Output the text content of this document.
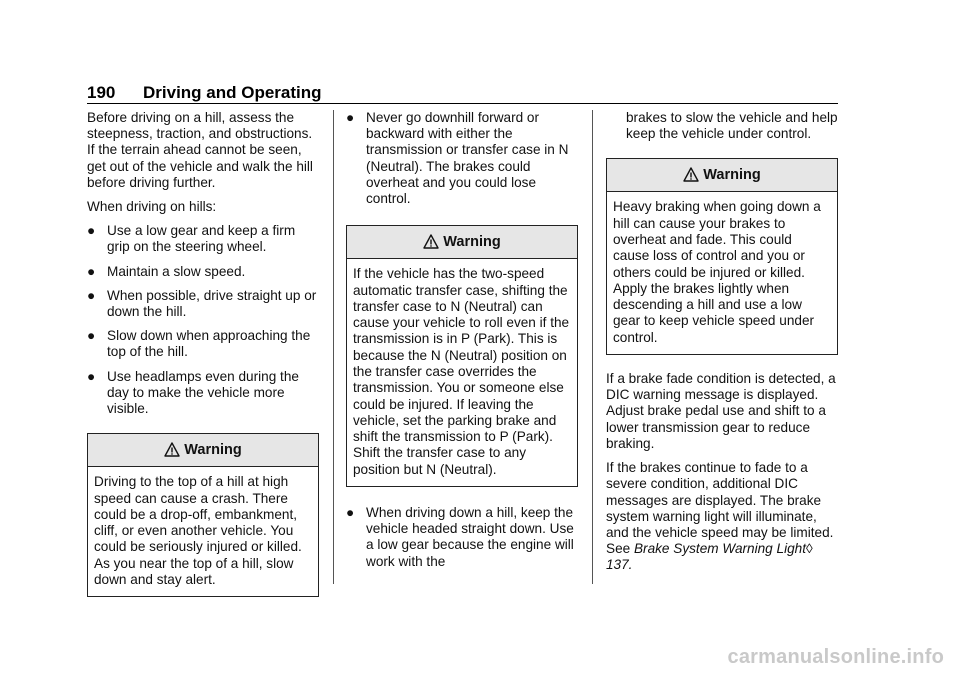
190 Driving and Operating

Before driving on a hill, assess the steepness, traction, and obstructions. If the terrain ahead cannot be seen, get out of the vehicle and walk the hill before driving further.

When driving on hills:

● Use a low gear and keep a firm grip on the steering wheel.
● Maintain a slow speed.
● When possible, drive straight up or down the hill.
● Slow down when approaching the top of the hill.
● Use headlamps even during the day to make the vehicle more visible.
Warning
Driving to the top of a hill at high speed can cause a crash. There could be a drop-off, embankment, cliff, or even another vehicle. You could be seriously injured or killed. As you near the top of a hill, slow down and stay alert.
● Never go downhill forward or backward with either the transmission or transfer case in N (Neutral). The brakes could overheat and you could lose control.
Warning
If the vehicle has the two-speed automatic transfer case, shifting the transfer case to N (Neutral) can cause your vehicle to roll even if the transmission is in P (Park). This is because the N (Neutral) position on the transfer case overrides the transmission. You or someone else could be injured. If leaving the vehicle, set the parking brake and shift the transmission to P (Park). Shift the transfer case to any position but N (Neutral).
● When driving down a hill, keep the vehicle headed straight down. Use a low gear because the engine will work with the

brakes to slow the vehicle and help keep the vehicle under control.

Warning
Heavy braking when going down a hill can cause your brakes to overheat and fade. This could cause loss of control and you or others could be injured or killed. Apply the brakes lightly when descending a hill and use a low gear to keep vehicle speed under control.

If a brake fade condition is detected, a DIC warning message is displayed. Adjust brake pedal use and shift to a lower transmission gear to reduce braking.

If the brakes continue to fade to a severe condition, additional DIC messages are displayed. The brake system warning light will illuminate, and the vehicle speed may be limited. See Brake System Warning Light◊ 137.

carmanualsonline.info
